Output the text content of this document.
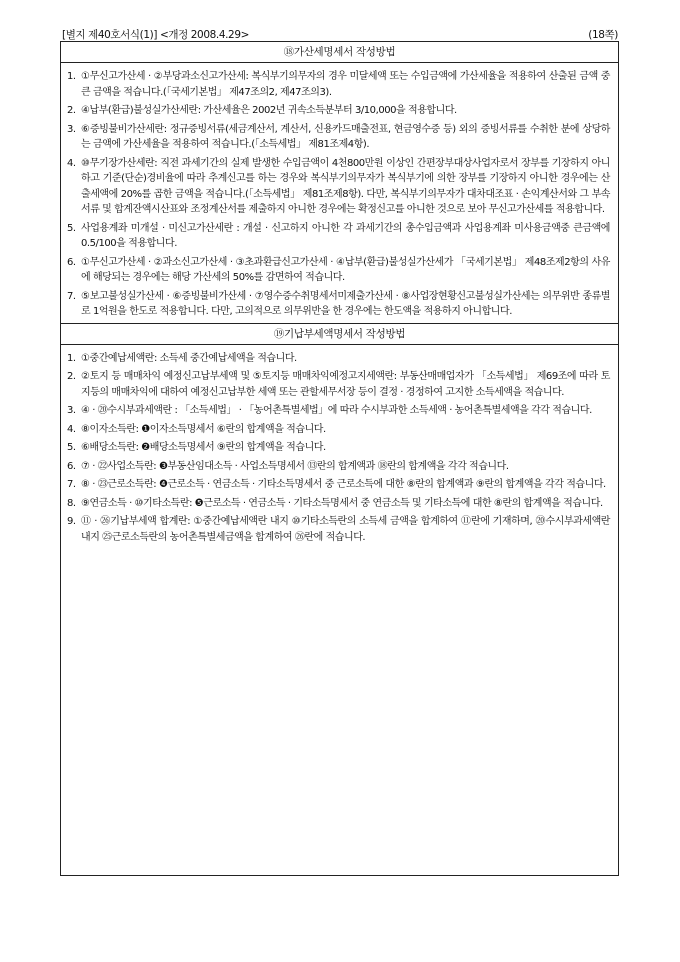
[별지 제40호서식(1)] <개정 2008.4.29>	(18쪽)
⑱가산세명세서 작성방법
1. ①무신고가산세 · ②부당과소신고가산세: 복식부기의무자의 경우 미달세액 또는 수입금액에 가산세율을 적용하여 산출된 금액 중 큰 금액을 적습니다.(「국세기본법」 제47조의2, 제47조의3).
2. ④납부(환급)불성실가산세란: 가산세율은 2002년 귀속소득분부터 3/10,000을 적용합니다.
3. ⑥증빙불비가산세란: 정규증빙서류(세금계산서, 계산서, 신용카드매출전표, 현금영수증 등) 외의 증빙서류를 수취한 분에 상당하는 금액에 가산세율을 적용하여 적습니다.(「소득세법」 제81조제4항).
4. ⑩무기장가산세란: 직전 과세기간의 실제 발생한 수입금액이 4천800만원 이상인 간편장부대상사업자로서 장부를 기장하지 아니하고 기준(단순)경비율에 따라 추계신고를 하는 경우와 복식부기의무자가 복식부기에 의한 장부를 기장하지 아니한 경우에는 산출세액에 20%를 곱한 금액을 적습니다.(「소득세법」 제81조제8항). 다만, 복식부기의무자가 대차대조표 · 손익계산서와 그 부속서류 및 합계잔액시산표와 조정계산서를 제출하지 아니한 경우에는 확정신고를 아니한 것으로 보아 무신고가산세를 적용합니다.
5. 사업용계좌 미개설 · 미신고가산세란 : 개설 · 신고하지 아니한 각 과세기간의 총수입금액과 사업용계좌 미사용금액중 큰금액에 0.5/100을 적용합니다.
6. ①무신고가산세 · ②과소신고가산세 · ③초과환급신고가산세 · ④납부(환급)불성실가산세가 「국세기본법」 제48조제2항의 사유에 해당되는 경우에는 해당 가산세의 50%를 감면하여 적습니다.
7. ⑤보고불성실가산세 · ⑥증빙불비가산세 · ⑦영수증수취명세서미제출가산세 · ⑧사업장현황신고불성실가산세는 의무위반 종류별로 1억원을 한도로 적용합니다. 다만, 고의적으로 의무위반을 한 경우에는 한도액을 적용하지 아니합니다.
⑲기납부세액명세서 작성방법
1. ①중간예납세액란: 소득세 중간예납세액을 적습니다.
2. ②토지 등 매매차익 예정신고납부세액 및 ⑤토지등 매매차익예정고지세액란: 부동산매매업자가 「소득세법」 제69조에 따라 토지등의 매매차익에 대하여 예정신고납부한 세액 또는 관할세무서장 등이 결정 · 경정하여 고지한 소득세액을 적습니다.
3. ④ · ⑳수시부과세액란 : 「소득세법」 · 「농어촌특별세법」에 따라 수시부과한 소득세액 · 농어촌특별세액을 각각 적습니다.
4. ⑧이자소득란: ❶이자소득명세서 ⑥란의 합계액을 적습니다.
5. ⑥배당소득란: ❷배당소득명세서 ⑨란의 합계액을 적습니다.
6. ⑦ · ㉒사업소득란: ❸부동산임대소득 · 사업소득명세서 ⑬란의 합계액과 ⑱란의 합계액을 각각 적습니다.
7. ⑧ · ㉓근로소득란: ❹근로소득 · 연금소득 · 기타소득명세서 중 근로소득에 대한 ⑧란의 합계액과 ⑨란의 합계액을 각각 적습니다.
8. ⑨연금소득 · ⑩기타소득란: ❺근로소득 · 연금소득 · 기타소득명세서 중 연금소득 및 기타소득에 대한 ⑧란의 합계액을 적습니다.
9. ⑪ · ㉖기납부세액 합계란: ①중간예납세액란 내지 ⑩기타소득란의 소득세 금액을 합계하여 ⑪란에 기재하며, ⑳수시부과세액란 내지 ㉕근로소득란의 농어촌특별세금액을 합계하여 ㉖란에 적습니다.
